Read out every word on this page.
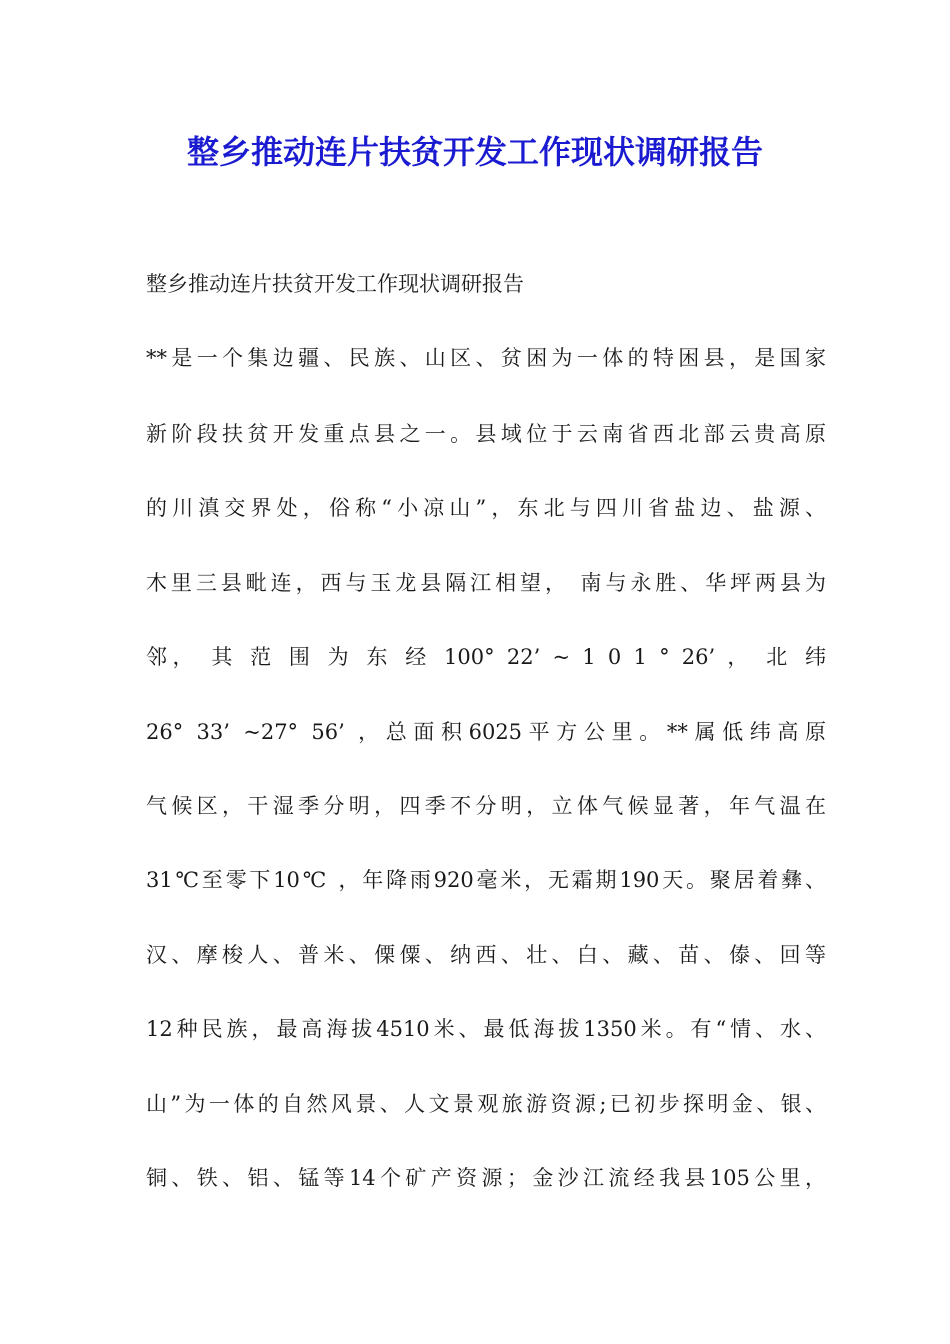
整乡推动连片扶贫开发工作现状调研报告

整乡推动连片扶贫开发工作现状调研报告

**是一个集边疆、民族、山区、贫困为一体的特困县，是国家

新阶段扶贫开发重点县之一。县域位于云南省西北部云贵高原

的川滇交界处，俗称“小凉山”，东北与四川省盐边、盐源、

木里三县毗连，西与玉龙县隔江相望， 南与永胜、华坪两县为

邻， 其 范 围 为 东 经 100° 22’ ~ 1 0 1 ° 26’ ， 北 纬

26° 33’ ~27° 56’ ，总面积6025平方公里。**属低纬高原

气候区，干湿季分明，四季不分明，立体气候显著，年气温在

31℃至零下10℃ ，年降雨920毫米，无霜期190天。聚居着彝、

汉、摩梭人、普米、傈僳、纳西、壮、白、藏、苗、傣、回等

12种民族，最高海拔4510米、最低海拔1350米。有“情、水、

山”为一体的自然风景、人文景观旅游资源;已初步探明金、银、

铜、铁、铝、锰等14个矿产资源；金沙江流经我县105公里，
